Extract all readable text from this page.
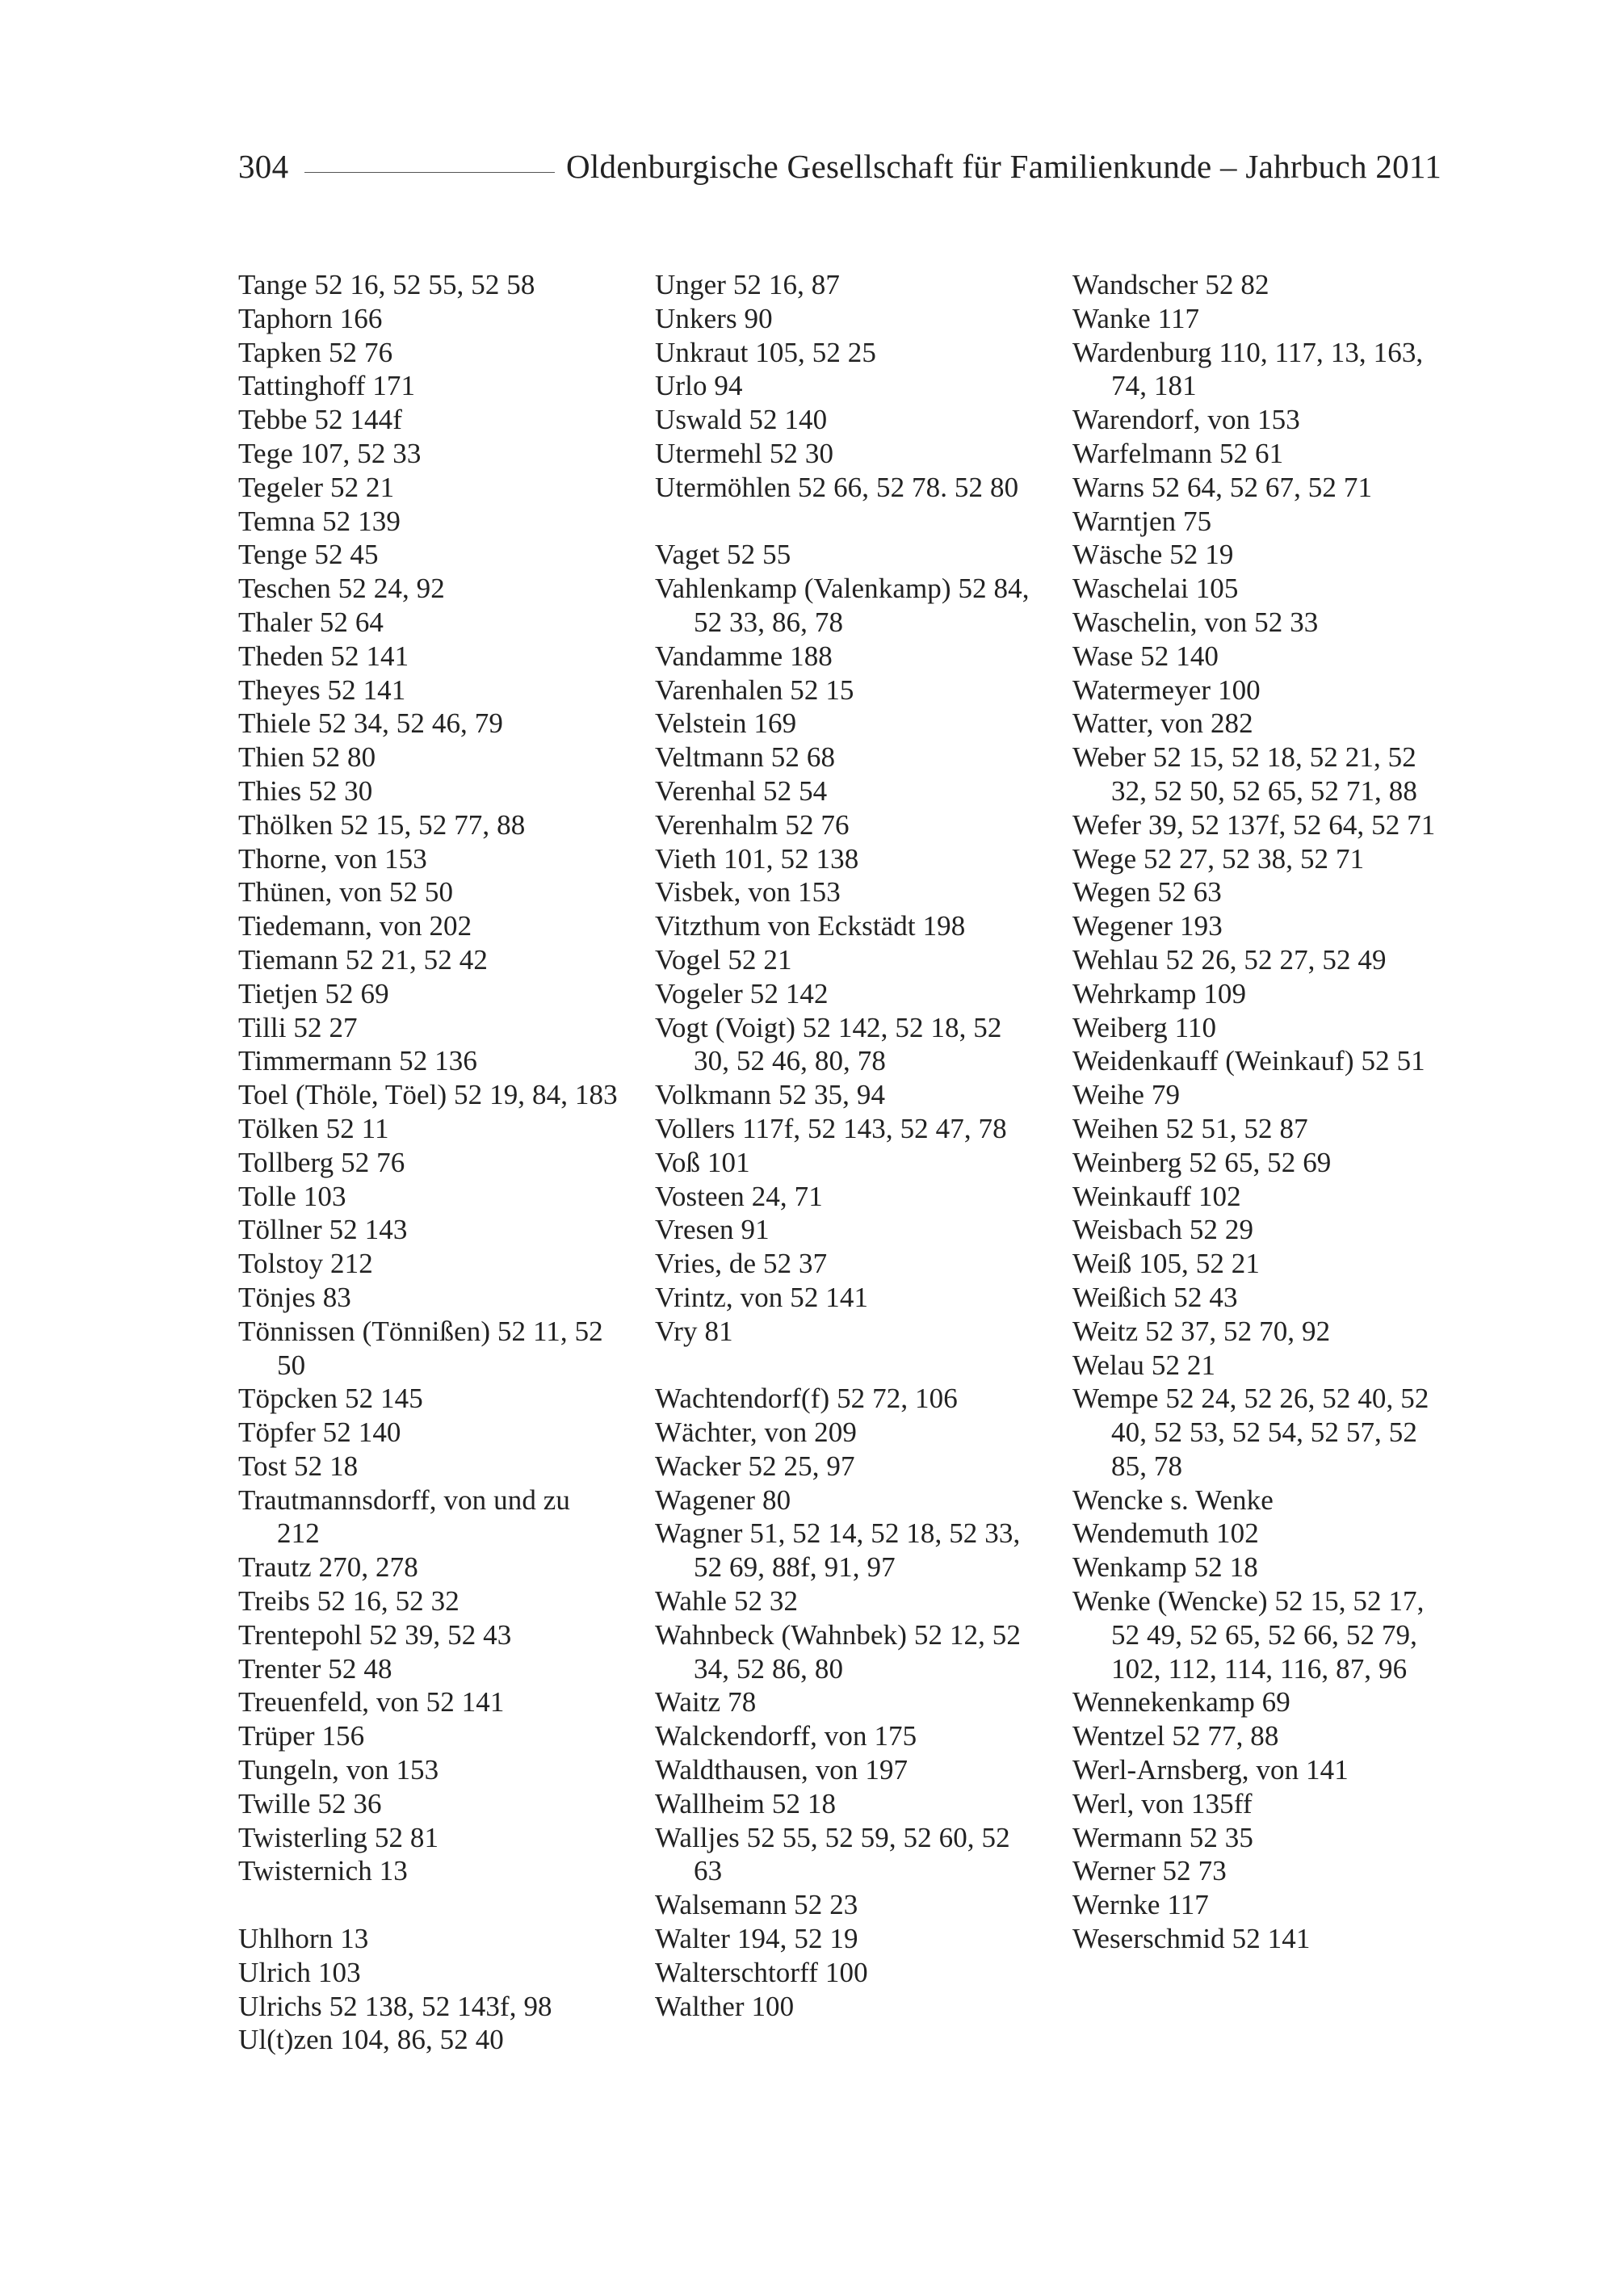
304	Oldenburgische Gesellschaft für Familienkunde – Jahrbuch 2011
Tange 52 16, 52 55, 52 58
Taphorn 166
Tapken 52 76
Tattinghoff 171
Tebbe 52 144f
Tege 107, 52 33
Tegeler 52 21
Temna 52 139
Tenge 52 45
Teschen 52 24, 92
Thaler 52 64
Theden 52 141
Theyes 52 141
Thiele 52 34, 52 46, 79
Thien 52 80
Thies 52 30
Thölken 52 15, 52 77, 88
Thorne, von 153
Thünen, von 52 50
Tiedemann, von 202
Tiemann 52 21, 52 42
Tietjen 52 69
Tilli 52 27
Timmermann 52 136
Toel (Thöle, Töel) 52 19, 84, 183
Tölken 52 11
Tollberg 52 76
Tolle 103
Töllner 52 143
Tolstoy 212
Tönjes 83
Tönnissen (Tönnißen) 52 11, 52 50
Töpcken 52 145
Töpfer 52 140
Tost 52 18
Trautmannsdorff, von und zu 212
Trautz 270, 278
Treibs 52 16, 52 32
Trentepohl 52 39, 52 43
Trenter 52 48
Treuenfeld, von 52 141
Trüper 156
Tungeln, von 153
Twille 52 36
Twisterling 52 81
Twisternich 13
Uhlhorn 13
Ulrich 103
Ulrichs 52 138, 52 143f, 98
Ul(t)zen 104, 86, 52 40
Unger 52 16, 87
Unkers 90
Unkraut 105, 52 25
Urlo 94
Uswald 52 140
Utermehl 52 30
Utermöhlen 52 66, 52 78. 52 80
Vaget 52 55
Vahlenkamp (Valenkamp) 52 84, 52 33, 86, 78
Vandamme 188
Varenhalen 52 15
Velstein 169
Veltmann 52 68
Verenhal 52 54
Verenhalm 52 76
Vieth 101, 52 138
Visbek, von 153
Vitzthum von Eckstädt 198
Vogel 52 21
Vogeler 52 142
Vogt (Voigt) 52 142, 52 18, 52 30, 52 46, 80, 78
Volkmann 52 35, 94
Vollers 117f, 52 143, 52 47, 78
Voß 101
Vosteen 24, 71
Vresen 91
Vries, de 52 37
Vrintz, von 52 141
Vry 81
Wachtendorf(f) 52 72, 106
Wächter, von 209
Wacker 52 25, 97
Wagener 80
Wagner 51, 52 14, 52 18, 52 33, 52 69, 88f, 91, 97
Wahle 52 32
Wahnbeck (Wahnbek) 52 12, 52 34, 52 86, 80
Waitz 78
Walckendorff, von 175
Waldthausen, von 197
Wallheim 52 18
Walljes 52 55, 52 59, 52 60, 52 63
Walsemann 52 23
Walter 194, 52 19
Walterschtorff 100
Walther 100
Wandscher 52 82
Wanke 117
Wardenburg 110, 117, 13, 163, 74, 181
Warendorf, von 153
Warfelmann 52 61
Warns 52 64, 52 67, 52 71
Warntjen 75
Wäsche 52 19
Waschelai 105
Waschelin, von 52 33
Wase 52 140
Watermeyer 100
Watter, von 282
Weber 52 15, 52 18, 52 21, 52 32, 52 50, 52 65, 52 71, 88
Wefer 39, 52 137f, 52 64, 52 71
Wege 52 27, 52 38, 52 71
Wegen 52 63
Wegener 193
Wehlau 52 26, 52 27, 52 49
Wehrkamp 109
Weiberg 110
Weidenkauff (Weinkauf) 52 51
Weihe 79
Weihen 52 51, 52 87
Weinberg 52 65, 52 69
Weinkauff 102
Weisbach 52 29
Weiß 105, 52 21
Weißich 52 43
Weitz 52 37, 52 70, 92
Welau 52 21
Wempe 52 24, 52 26, 52 40, 52 40, 52 53, 52 54, 52 57, 52 85, 78
Wencke s. Wenke
Wendemuth 102
Wenkamp 52 18
Wenke (Wencke) 52 15, 52 17, 52 49, 52 65, 52 66, 52 79, 102, 112, 114, 116, 87, 96
Wennekenkamp 69
Wentzel 52 77, 88
Werl-Arnsberg, von 141
Werl, von 135ff
Wermann 52 35
Werner 52 73
Wernke 117
Weserschmid 52 141
